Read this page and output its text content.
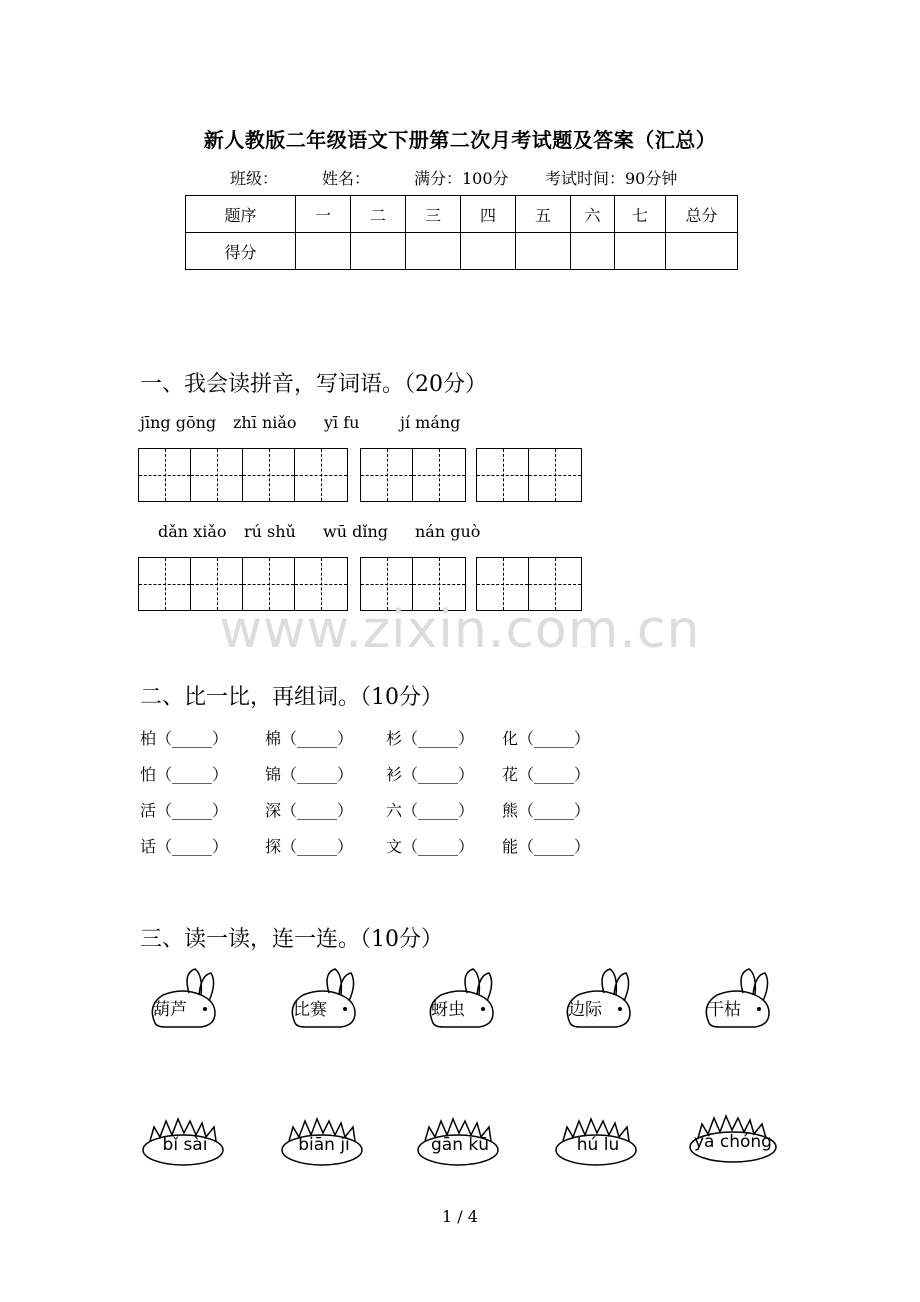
新人教版二年级语文下册第二次月考试题及答案（汇总）
班级：	姓名：	满分：100分 考试时间：90分钟
题序	一	二	三	四	五	六	七	总分
得分								
一、我会读拼音，写词语。（20分）
jīng gōng zhī niǎo yī fu	jí máng
dǎn xiǎo rú shǔ wū dǐng nán guò
www.zixin.com.cn
二、比一比，再组词。（10分）
柏（_____） 棉（_____） 杉（_____） 化（_____）
怕（_____） 锦（_____） 衫（_____） 花（_____）
活（_____） 深（_____） 六（_____） 熊（_____）
话（_____） 探（_____） 文（_____） 能（_____）
三、读一读，连一连。（10分）
葫芦	比赛	蚜虫	边际	干枯
bǐ sài	biān jì	gān kū	hú lu	yá chóng
1 / 4
